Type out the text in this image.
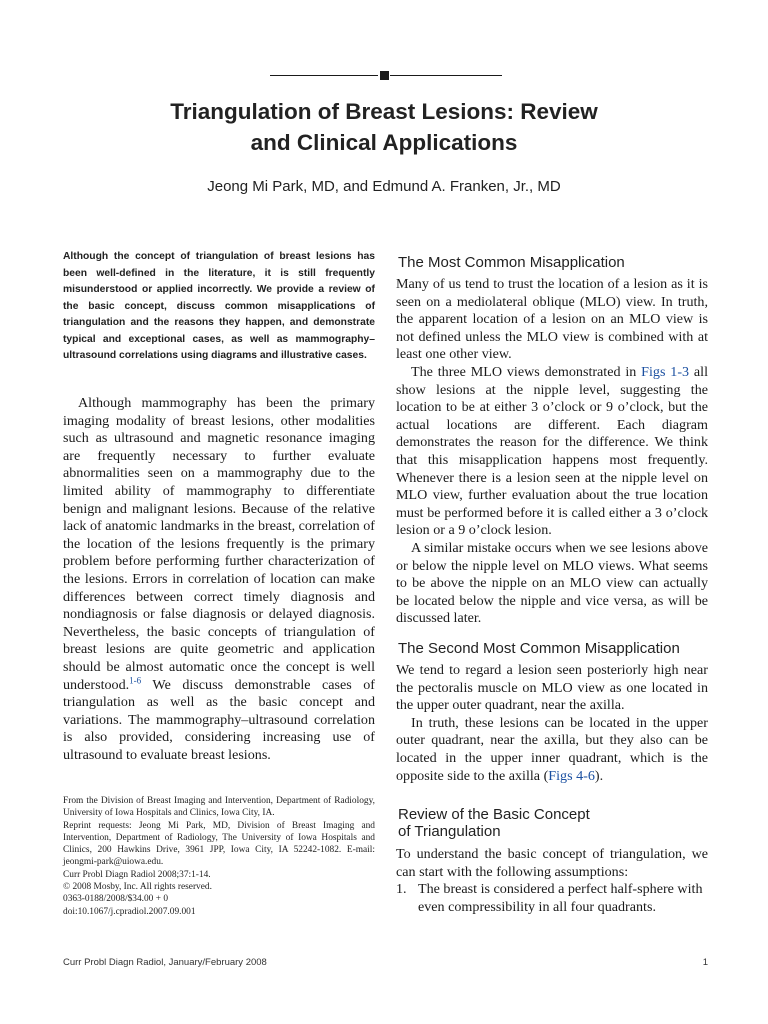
Triangulation of Breast Lesions: Review
and Clinical Applications
Jeong Mi Park, MD, and Edmund A. Franken, Jr., MD

Although the concept of triangulation of breast lesions has been well-defined in the literature, it is still frequently misunderstood or applied incorrectly. We provide a review of the basic concept, discuss common misapplications of triangulation and the reasons they happen, and demonstrate typical and exceptional cases, as well as mammography–ultrasound correlations using diagrams and illustrative cases.

Although mammography has been the primary imaging modality of breast lesions, other modalities such as ultrasound and magnetic resonance imaging are frequently necessary to further evaluate abnormalities seen on a mammography due to the limited ability of mammography to differentiate benign and malignant lesions. Because of the relative lack of anatomic landmarks in the breast, correlation of the location of the lesions frequently is the primary problem before performing further characterization of the lesions. Errors in correlation of location can make differences between correct timely diagnosis and nondiagnosis or false diagnosis or delayed diagnosis. Nevertheless, the basic concepts of triangulation of breast lesions are quite geometric and application should be almost automatic once the concept is well understood.$^{1-6}$ We discuss demonstrable cases of triangulation as well as the basic concept and variations. The mammography–ultrasound correlation is also provided, considering increasing use of ultrasound to evaluate breast lesions.

From the Division of Breast Imaging and Intervention, Department of Radiology, University of Iowa Hospitals and Clinics, Iowa City, IA.
Reprint requests: Jeong Mi Park, MD, Division of Breast Imaging and Intervention, Department of Radiology, The University of Iowa Hospitals and Clinics, 200 Hawkins Drive, 3961 JPP, Iowa City, IA 52242-1082. E-mail: jeongmi-park@uiowa.edu.
Curr Probl Diagn Radiol 2008;37:1-14.
© 2008 Mosby, Inc. All rights reserved.
0363-0188/2008/$34.00 + 0
doi:10.1067/j.cpradiol.2007.09.001
The Most Common Misapplication

Many of us tend to trust the location of a lesion as it is seen on a mediolateral oblique (MLO) view. In truth, the apparent location of a lesion on an MLO view is not defined unless the MLO view is combined with at least one other view.

The three MLO views demonstrated in Figs 1-3 all show lesions at the nipple level, suggesting the location to be at either 3 o’clock or 9 o’clock, but the actual locations are different. Each diagram demonstrates the reason for the difference. We think that this misapplication happens most frequently. Whenever there is a lesion seen at the nipple level on MLO view, further evaluation about the true location must be performed before it is called either a 3 o’clock lesion or a 9 o’clock lesion.

A similar mistake occurs when we see lesions above or below the nipple level on MLO views. What seems to be above the nipple on an MLO view can actually be located below the nipple and vice versa, as will be discussed later.

The Second Most Common Misapplication

We tend to regard a lesion seen posteriorly high near the pectoralis muscle on MLO view as one located in the upper outer quadrant, near the axilla.

In truth, these lesions can be located in the upper outer quadrant, near the axilla, but they also can be located in the upper inner quadrant, which is the opposite side to the axilla (Figs 4-6).

Review of the Basic Concept
of Triangulation

To understand the basic concept of triangulation, we can start with the following assumptions:

1. The breast is considered a perfect half-sphere with even compressibility in all four quadrants.
Curr Probl Diagn Radiol, January/February 2008	1
